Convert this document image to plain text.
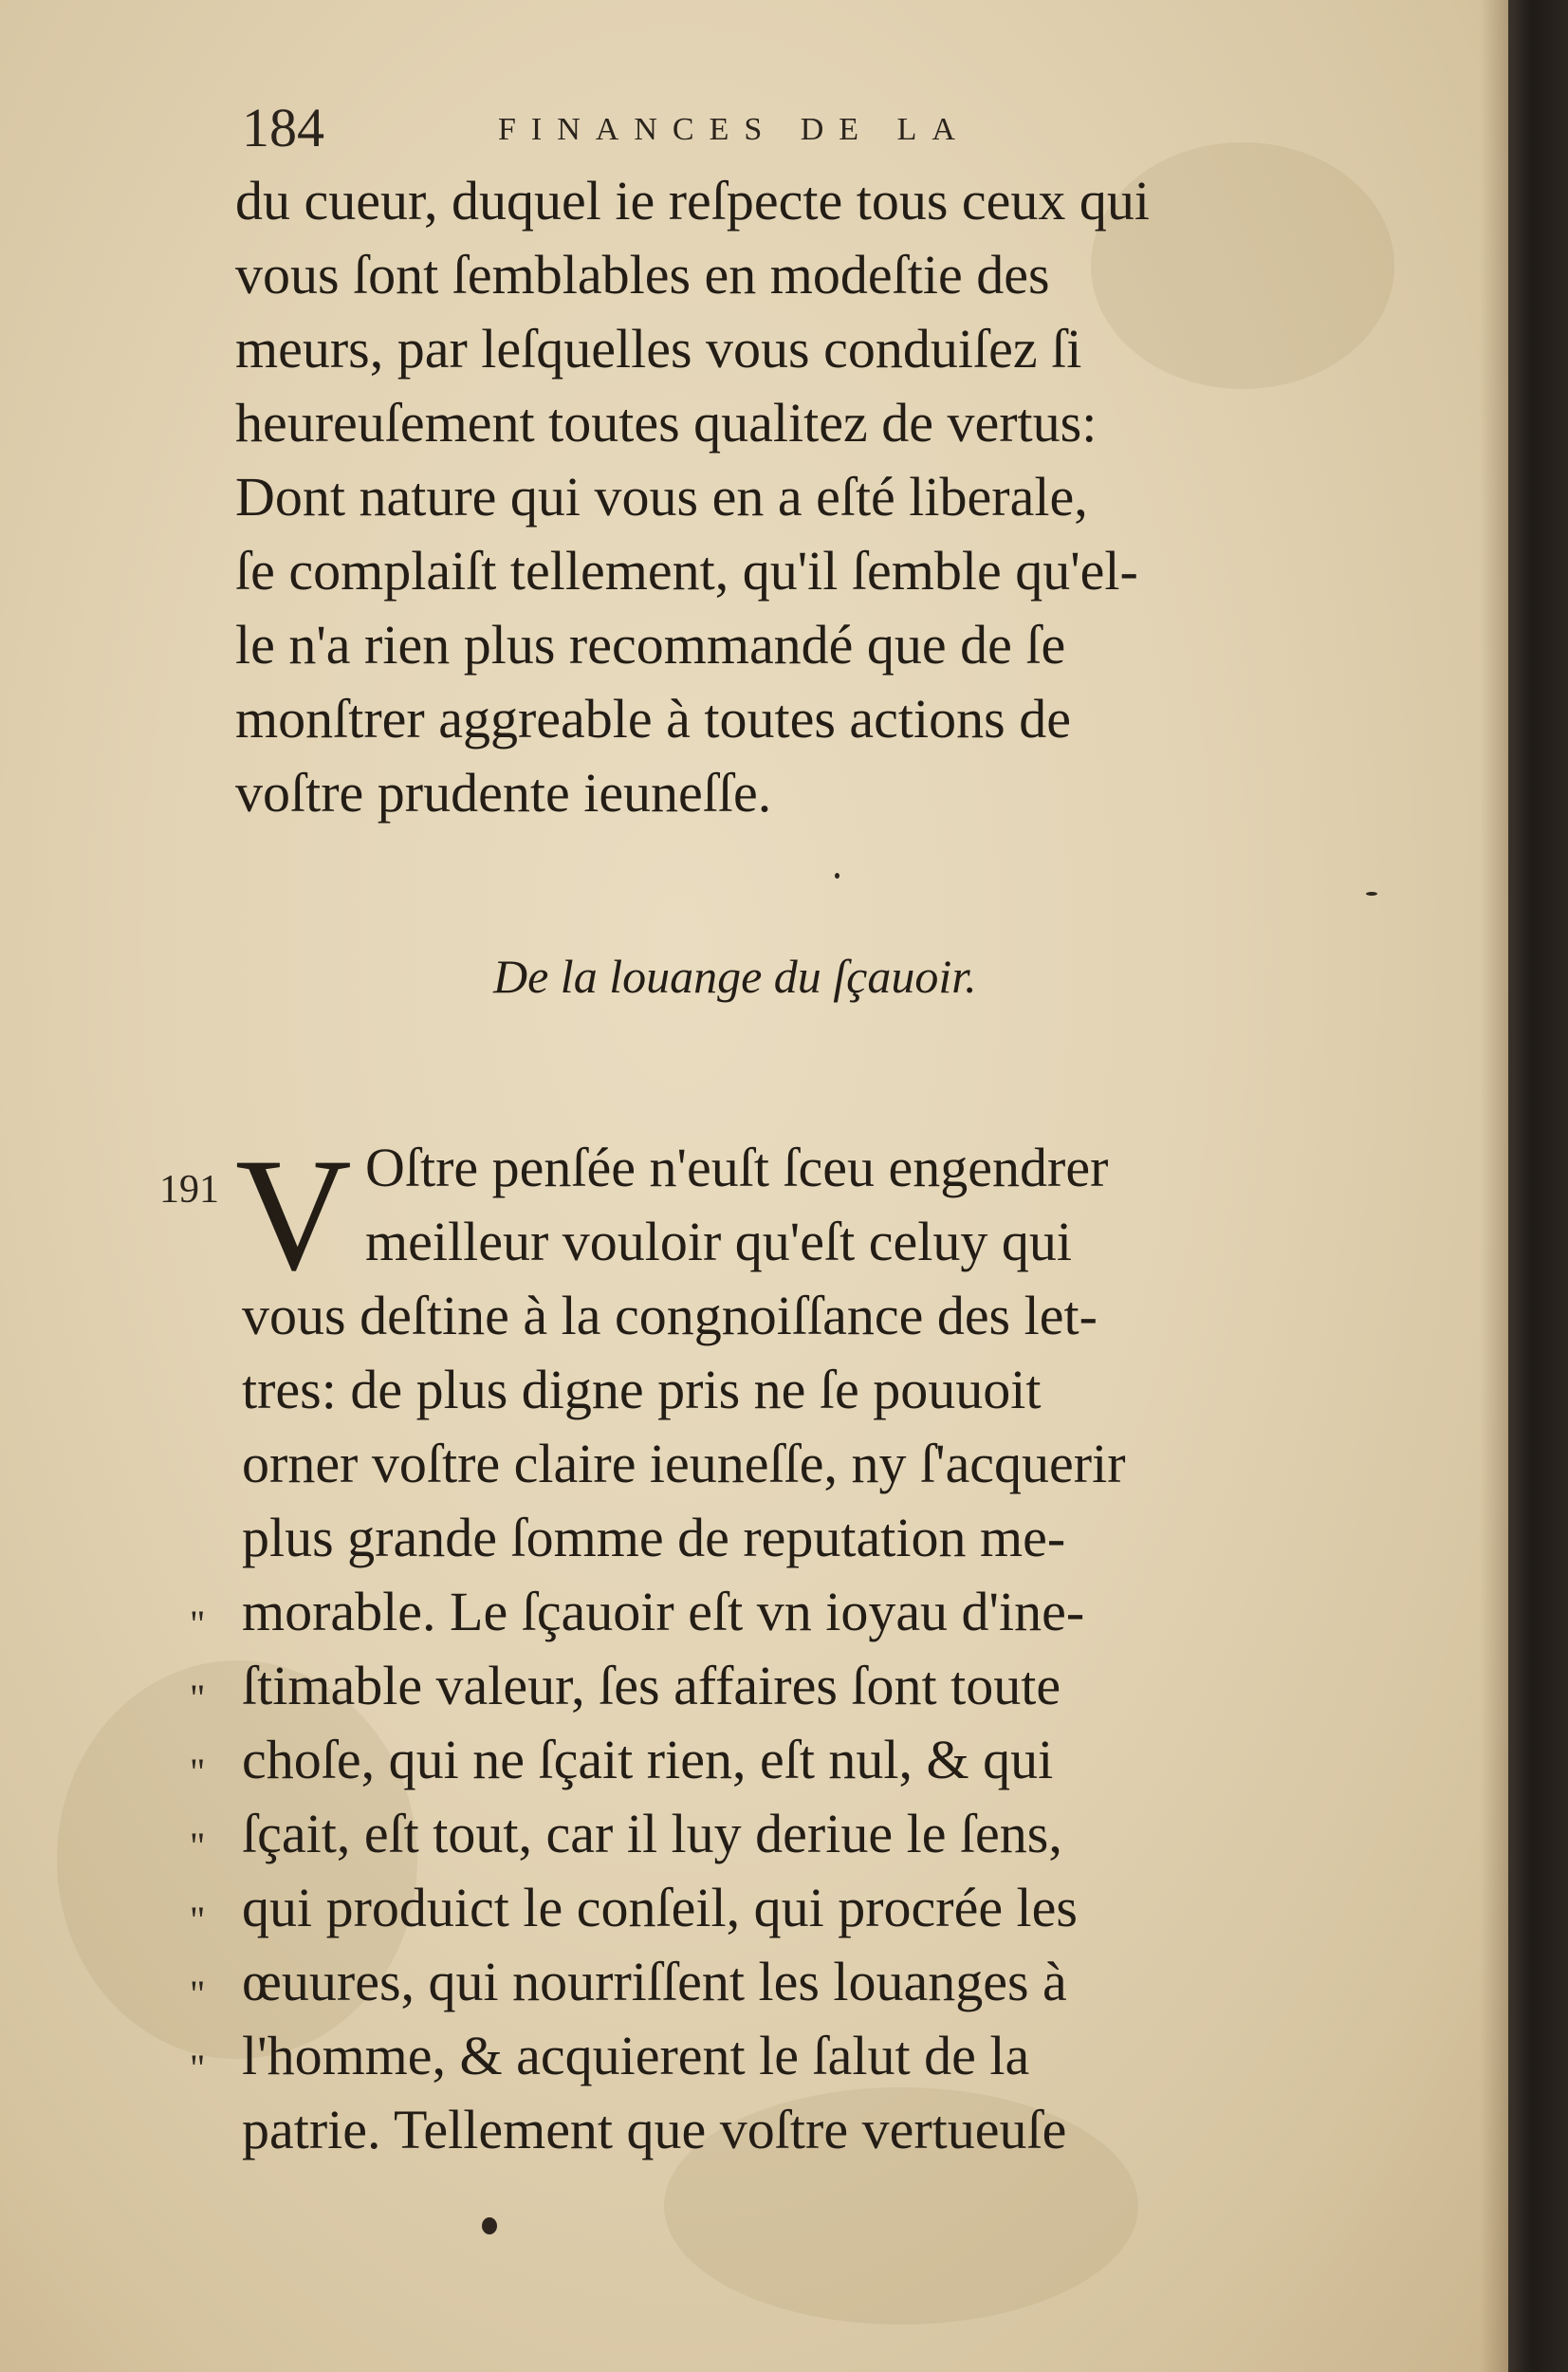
184	FINANCES DE LA
du cueur, duquel ie reſpecte tous ceux qui
vous ſont ſemblables en modeſtie des
meurs, par leſquelles vous conduiſez ſi
heureuſement toutes qualitez de vertus:
Dont nature qui vous en a eſté liberale,
ſe complaiſt tellement, qu'il ſemble qu'el-
le n'a rien plus recommandé que de ſe
monſtrer aggreable à toutes actions de
voſtre prudente ieuneſſe.
De la louange du ſçauoir.
191 V Oſtre penſée n'euſt ſceu engendrer
meilleur vouloir qu'eſt celuy qui
vous deſtine à la congnoiſſance des let-
tres: de plus digne pris ne ſe pouuoit
orner voſtre claire ieuneſſe, ny ſ'acquerir
plus grande ſomme de reputation me-
morable. Le ſçauoir eſt vn ioyau d'ine-
ſtimable valeur, ſes affaires ſont toute
choſe, qui ne ſçait rien, eſt nul, & qui
ſçait, eſt tout, car il luy deriue le ſens,
qui produict le conſeil, qui procrée les
œuures, qui nourriſſent les louanges à
l'homme, & acquierent le ſalut de la
patrie. Tellement que voſtre vertueuſe
"
"
"
"
"
"
"
